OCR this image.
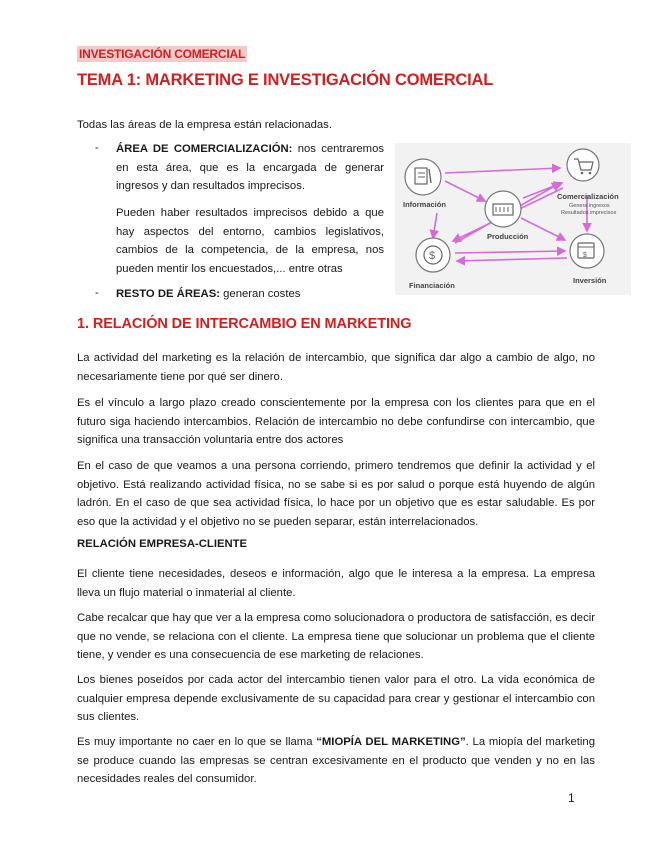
INVESTIGACIÓN COMERCIAL
TEMA 1: MARKETING E INVESTIGACIÓN COMERCIAL

Todas las áreas de la empresa están relacionadas.

- ÁREA DE COMERCIALIZACIÓN: nos centraremos en esta área, que es la encargada de generar ingresos y dan resultados imprecisos.

Pueden haber resultados imprecisos debido a que hay aspectos del entorno, cambios legislativos, cambios de la competencia, de la empresa, nos pueden mentir los encuestados,... entre otras

- RESTO DE ÁREAS: generan costes

Información
Comercialización
Genera ingresos
Resultados imprecisos
Producción
$
Financiación
$
Inversión
1. RELACIÓN DE INTERCAMBIO EN MARKETING

La actividad del marketing es la relación de intercambio, que significa dar algo a cambio de algo, no necesariamente tiene por qué ser dinero.

Es el vínculo a largo plazo creado conscientemente por la empresa con los clientes para que en el futuro siga haciendo intercambios. Relación de intercambio no debe confundirse con intercambio, que significa una transacción voluntaria entre dos actores

En el caso de que veamos a una persona corriendo, primero tendremos que definir la actividad y el objetivo. Está realizando actividad física, no se sabe si es por salud o porque está huyendo de algún ladrón. En el caso de que sea actividad física, lo hace por un objetivo que es estar saludable. Es por eso que la actividad y el objetivo no se pueden separar, están interrelacionados.

RELACIÓN EMPRESA-CLIENTE

El cliente tiene necesidades, deseos e información, algo que le interesa a la empresa. La empresa lleva un flujo material o inmaterial al cliente.

Cabe recalcar que hay que ver a la empresa como solucionadora o productora de satisfacción, es decir que no vende, se relaciona con el cliente. La empresa tiene que solucionar un problema que el cliente tiene, y vender es una consecuencia de ese marketing de relaciones.

Los bienes poseídos por cada actor del intercambio tienen valor para el otro. La vida económica de cualquier empresa depende exclusivamente de su capacidad para crear y gestionar el intercambio con sus clientes.

Es muy importante no caer en lo que se llama “MIOPÍA DEL MARKETING”. La miopía del marketing se produce cuando las empresas se centran excesivamente en el producto que venden y no en las necesidades reales del consumidor.

1
